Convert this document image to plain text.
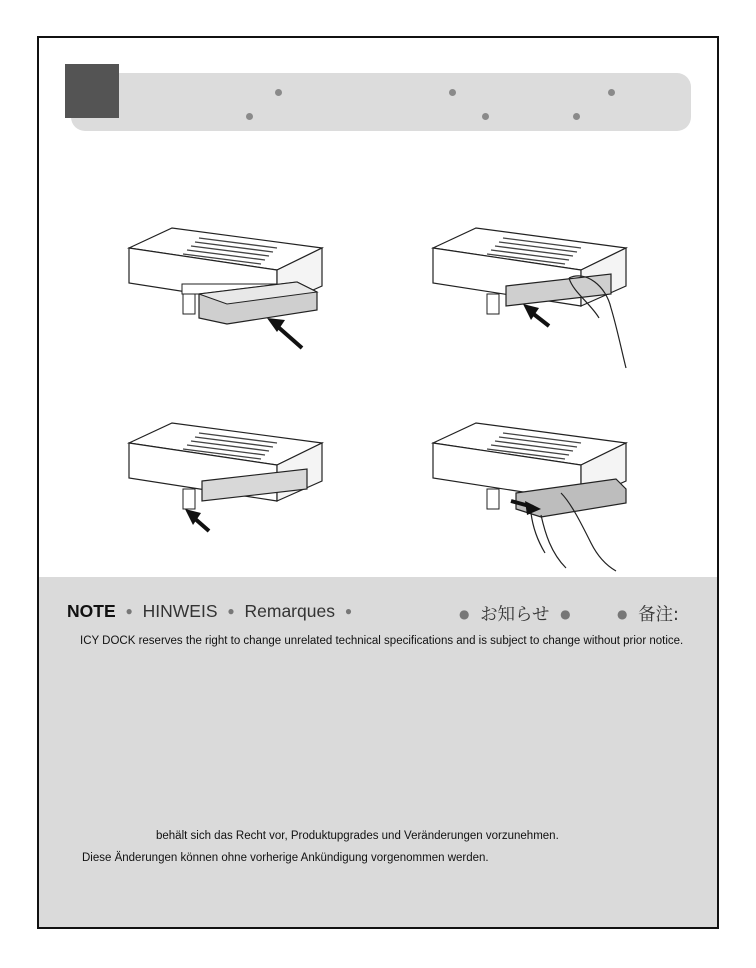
NOTE ● HINWEIS ● Remarques ●	● お知らせ ●	● 备注:
ICY DOCK reserves the right to change unrelated technical specifications and is subject to change without prior notice.
behält sich das Recht vor, Produktupgrades und Veränderungen vorzunehmen.
Diese Änderungen können ohne vorherige Ankündigung vorgenommen werden.
